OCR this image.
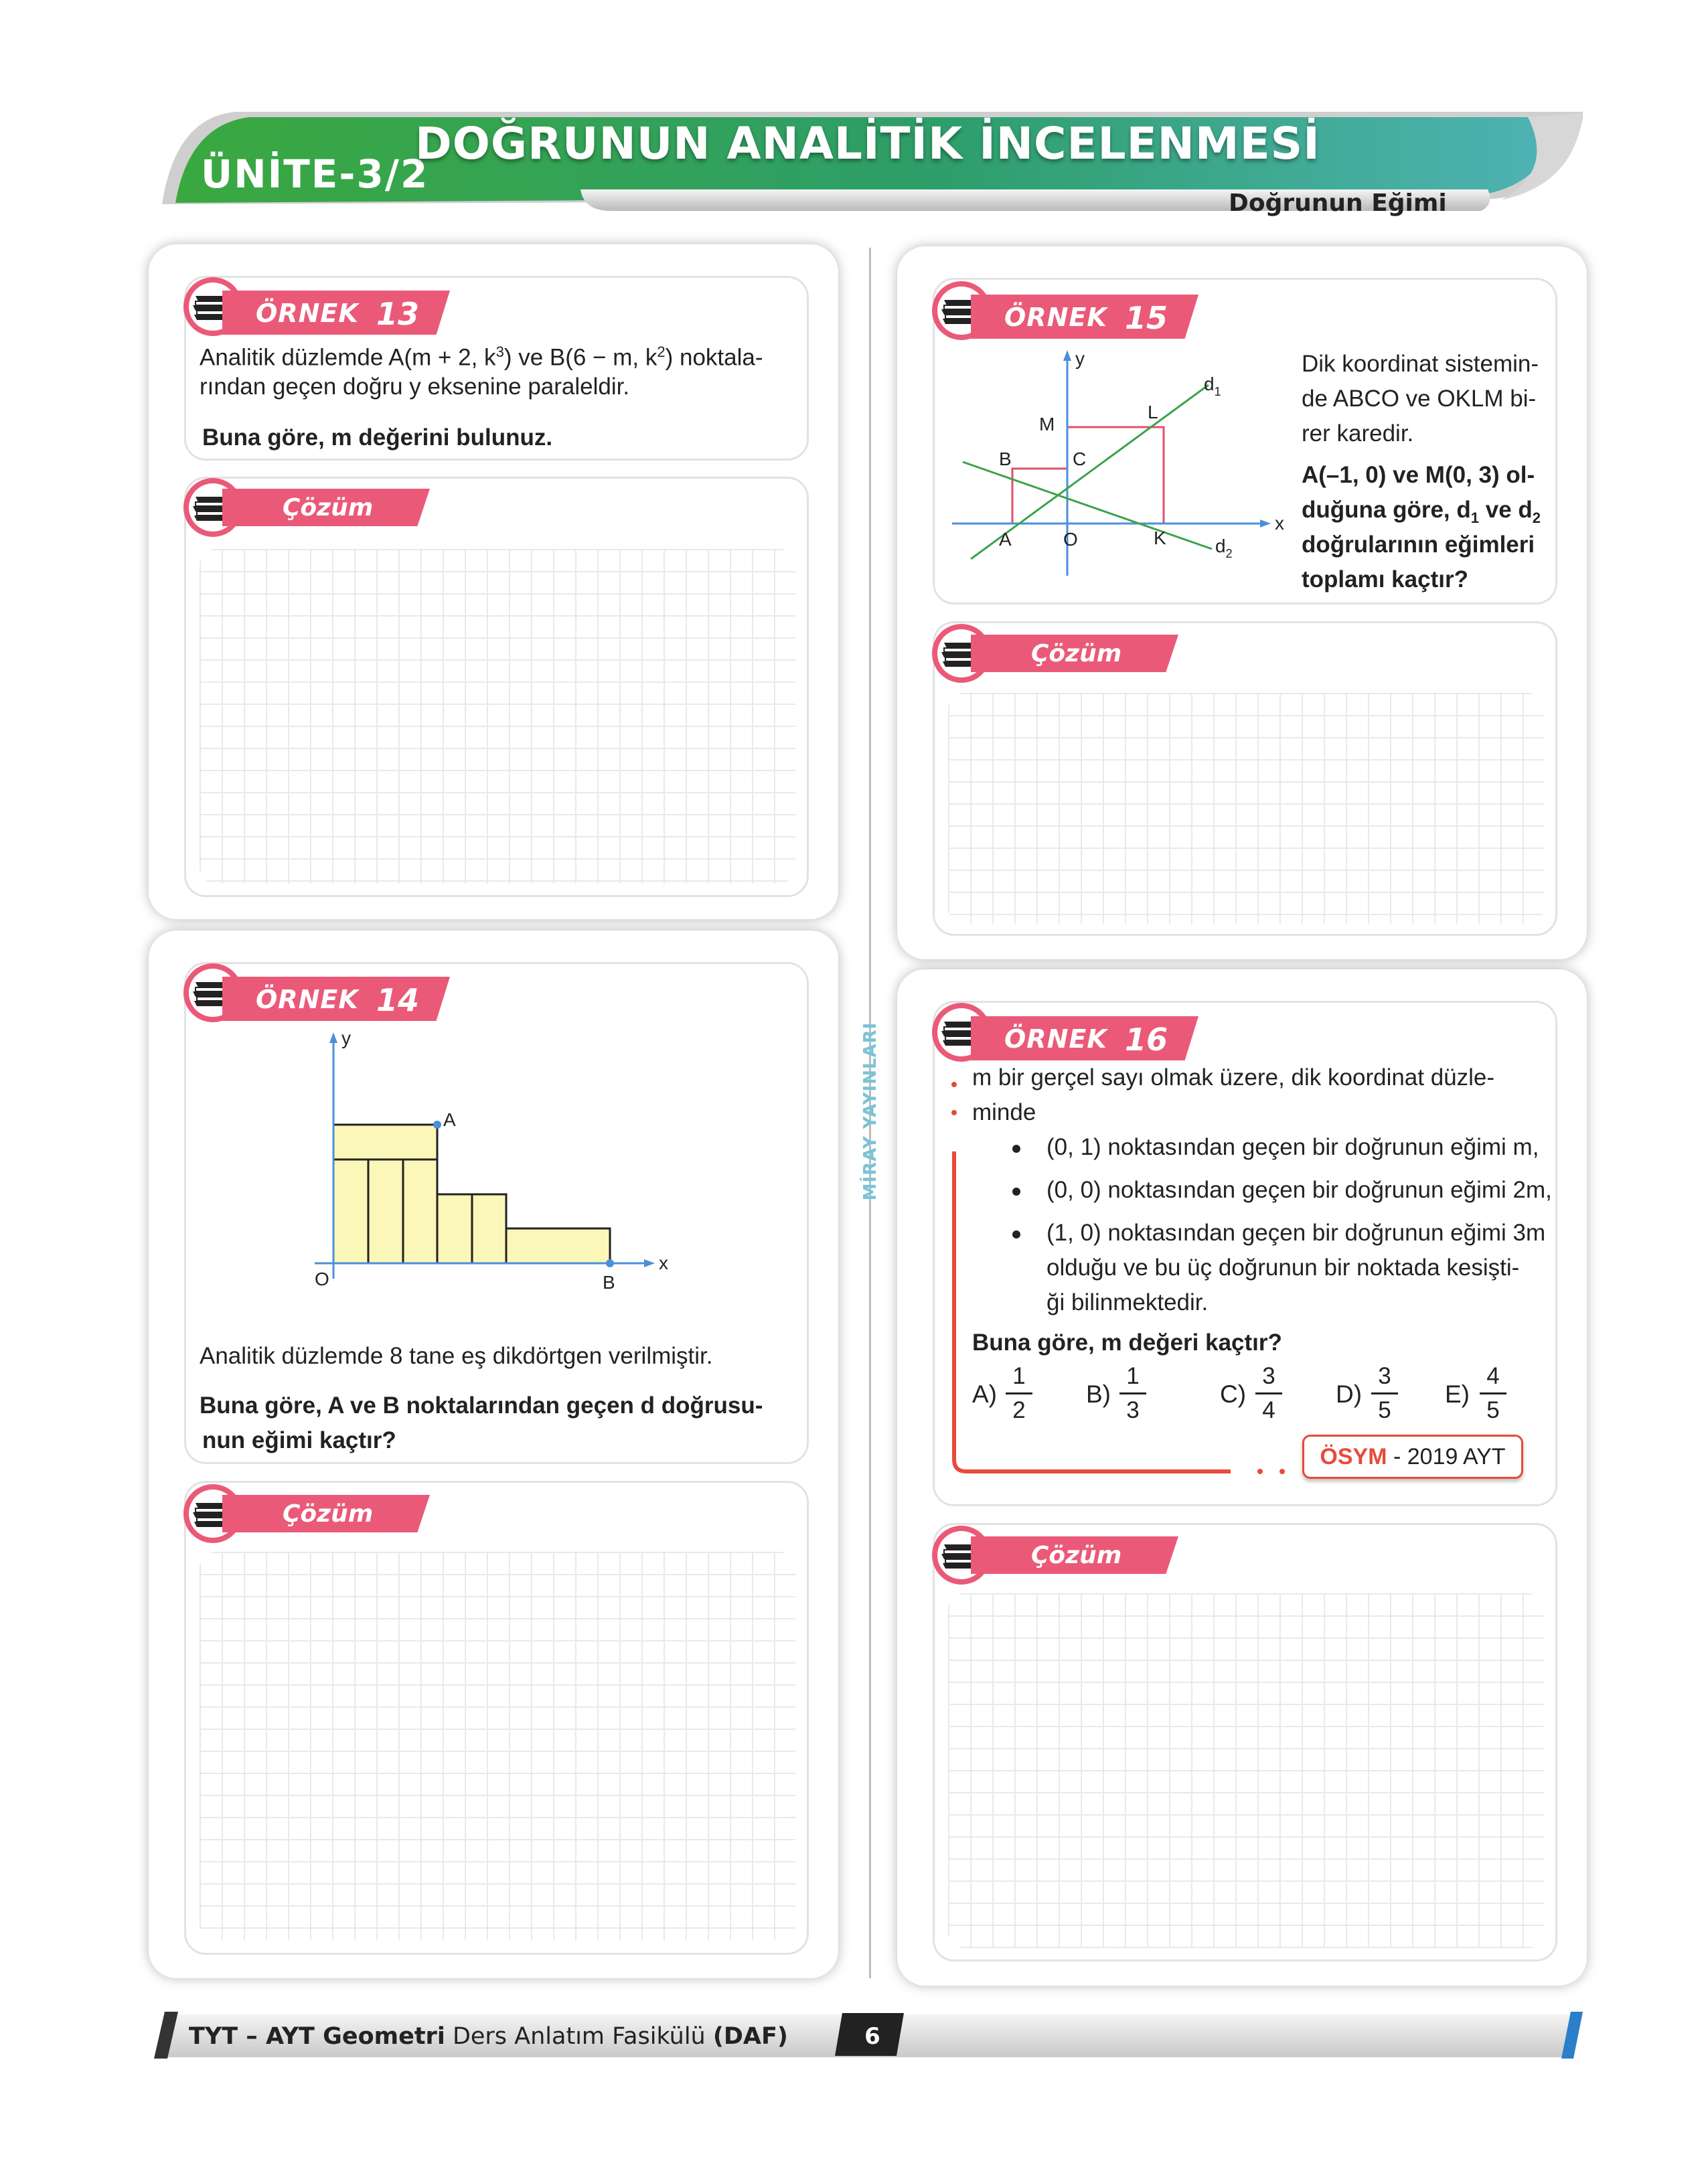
ÜNİTE-3/2
DOĞRUNUN ANALİTİK İNCELENMESİ
Doğrunun Eğimi
MİRAY YAYINLARI
ÖRNEK 13
Analitik düzlemde A(m + 2, $k^3$) ve B(6 − m, $k^2$) noktala-
rından geçen doğru y eksenine paraleldir.
Buna göre, m değerini bulunuz.
Çözüm
ÖRNEK 14
y
x
A
O	B
Analitik düzlemde 8 tane eş dikdörtgen verilmiştir.
Buna göre, A ve B noktalarından geçen d doğrusu-
nun eğimi kaçtır?
Çözüm
ÖRNEK 15
y
x
$d_1$
$d_2$
M
L
B	C
A	O	K
Dik koordinat sistemin-
de ABCO ve OKLM bi-
rer karedir.
A(–1, 0) ve M(0, 3) ol-
duğuna göre, $d_1$ ve $d_2$
doğrularının eğimleri
toplamı kaçtır?
Çözüm
ÖRNEK 16
m bir gerçel sayı olmak üzere, dik koordinat düzle-
minde
(0, 1) noktasından geçen bir doğrunun eğimi m,
(0, 0) noktasından geçen bir doğrunun eğimi 2m,
(1, 0) noktasından geçen bir doğrunun eğimi 3m
olduğu ve bu üç doğrunun bir noktada kesişti-
ği bilinmektedir.
Buna göre, m değeri kaçtır?
A)
1
2
B)
1
3
C)
3
4
D)
3
5
E)
4
5
ÖSYM - 2019 AYT
Çözüm
TYT – AYT Geometri Ders Anlatım Fasikülü (DAF)	6
